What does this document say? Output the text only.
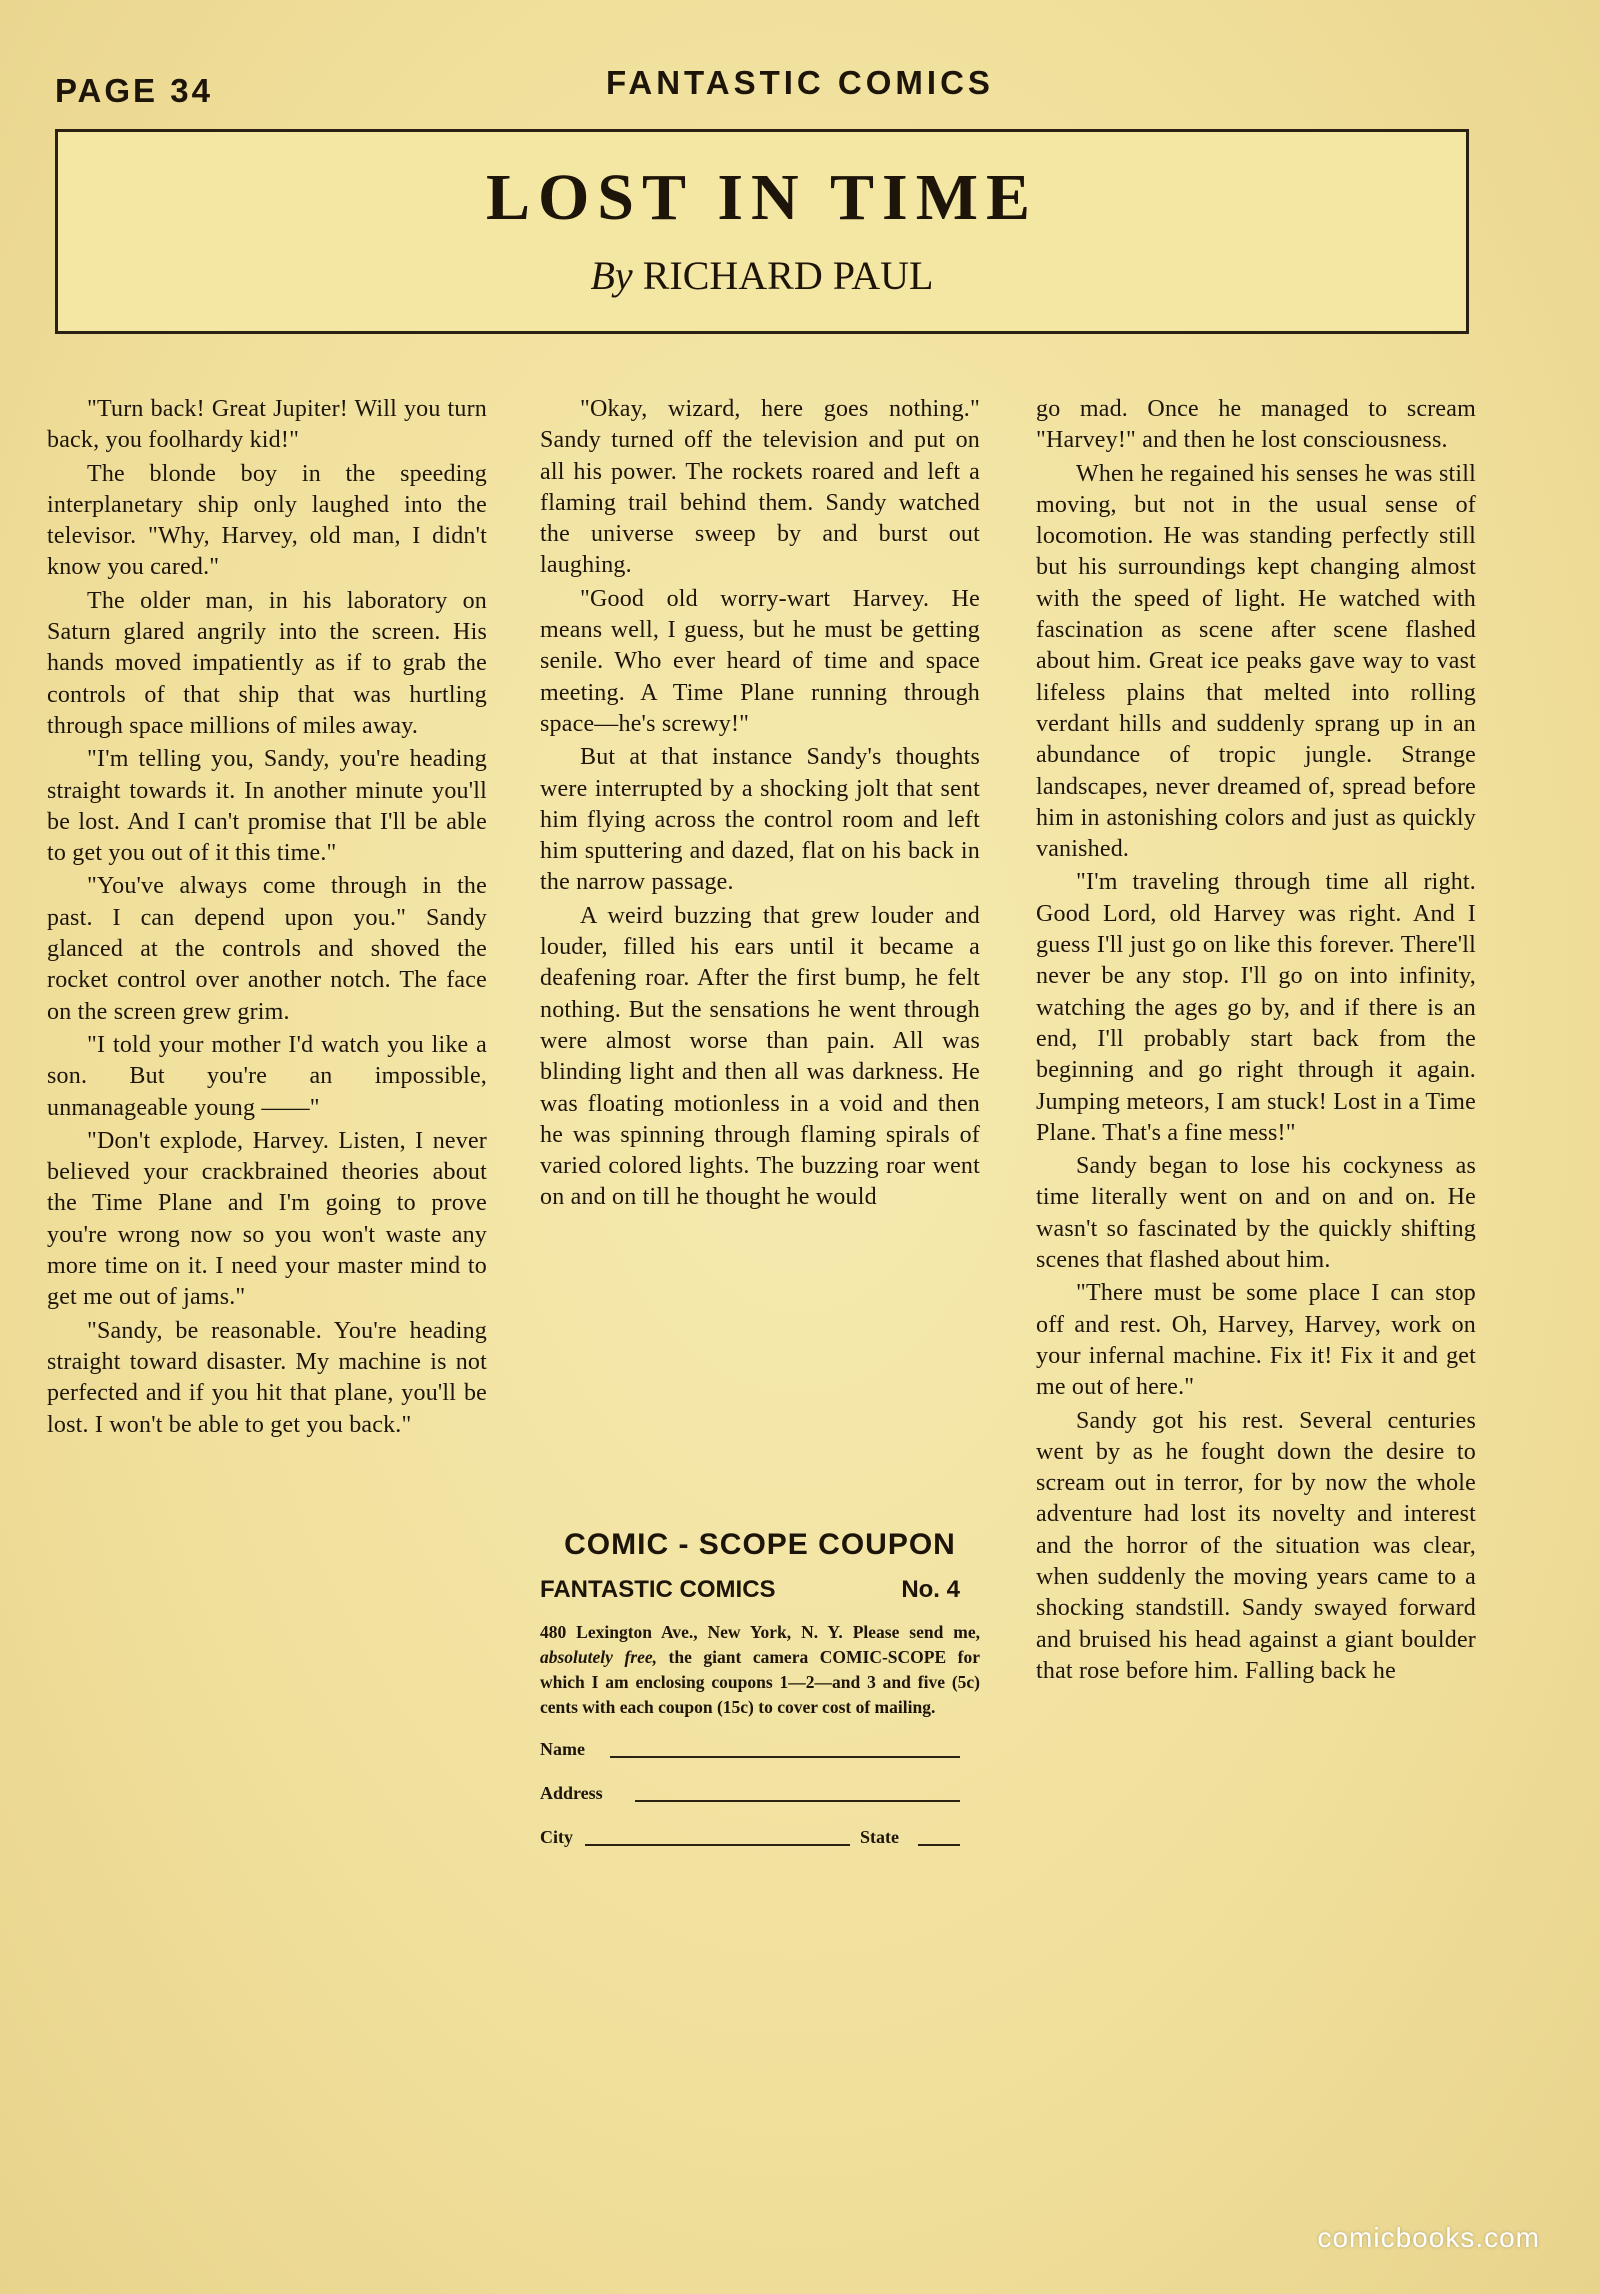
PAGE 34	FANTASTIC COMICS
LOST IN TIME
By RICHARD PAUL

"Turn back! Great Jupiter! Will you turn back, you foolhardy kid!"

The blonde boy in the speeding interplanetary ship only laughed into the televisor. "Why, Harvey, old man, I didn't know you cared."

The older man, in his laboratory on Saturn glared angrily into the screen. His hands moved impatiently as if to grab the controls of that ship that was hurtling through space millions of miles away.

"I'm telling you, Sandy, you're heading straight towards it. In another minute you'll be lost. And I can't promise that I'll be able to get you out of it this time."

"You've always come through in the past. I can depend upon you." Sandy glanced at the controls and shoved the rocket control over another notch. The face on the screen grew grim.

"I told your mother I'd watch you like a son. But you're an impossible, unmanageable young ——"

"Don't explode, Harvey. Listen, I never believed your crackbrained theories about the Time Plane and I'm going to prove you're wrong now so you won't waste any more time on it. I need your master mind to get me out of jams."

"Sandy, be reasonable. You're heading straight toward disaster. My machine is not perfected and if you hit that plane, you'll be lost. I won't be able to get you back."

"Okay, wizard, here goes nothing." Sandy turned off the television and put on all his power. The rockets roared and left a flaming trail behind them. Sandy watched the universe sweep by and burst out laughing.

"Good old worry-wart Harvey. He means well, I guess, but he must be getting senile. Who ever heard of time and space meeting. A Time Plane running through space—he's screwy!"

But at that instance Sandy's thoughts were interrupted by a shocking jolt that sent him flying across the control room and left him sputtering and dazed, flat on his back in the narrow passage.

A weird buzzing that grew louder and louder, filled his ears until it became a deafening roar. After the first bump, he felt nothing. But the sensations he went through were almost worse than pain. All was blinding light and then all was darkness. He was floating motionless in a void and then he was spinning through flaming spirals of varied colored lights. The buzzing roar went on and on till he thought he would

COMIC - SCOPE COUPON
FANTASTIC COMICS	No. 4
480 Lexington Ave., New York, N. Y. Please send me, absolutely free, the giant camera COMIC-SCOPE for which I am enclosing coupons 1—2—and 3 and five (5c) cents with each coupon (15c) to cover cost of mailing.
Name
Address
City	State

go mad. Once he managed to scream "Harvey!" and then he lost consciousness.

When he regained his senses he was still moving, but not in the usual sense of locomotion. He was standing perfectly still but his surroundings kept changing almost with the speed of light. He watched with fascination as scene after scene flashed about him. Great ice peaks gave way to vast lifeless plains that melted into rolling verdant hills and suddenly sprang up in an abundance of tropic jungle. Strange landscapes, never dreamed of, spread before him in astonishing colors and just as quickly vanished.

"I'm traveling through time all right. Good Lord, old Harvey was right. And I guess I'll just go on like this forever. There'll never be any stop. I'll go on into infinity, watching the ages go by, and if there is an end, I'll probably start back from the beginning and go right through it again. Jumping meteors, I am stuck! Lost in a Time Plane. That's a fine mess!"

Sandy began to lose his cockyness as time literally went on and on and on. He wasn't so fascinated by the quickly shifting scenes that flashed about him.

"There must be some place I can stop off and rest. Oh, Harvey, Harvey, work on your infernal machine. Fix it! Fix it and get me out of here."

Sandy got his rest. Several centuries went by as he fought down the desire to scream out in terror, for by now the whole adventure had lost its novelty and interest and the horror of the situation was clear, when suddenly the moving years came to a shocking standstill. Sandy swayed forward and bruised his head against a giant boulder that rose before him. Falling back he

comicbooks.com
